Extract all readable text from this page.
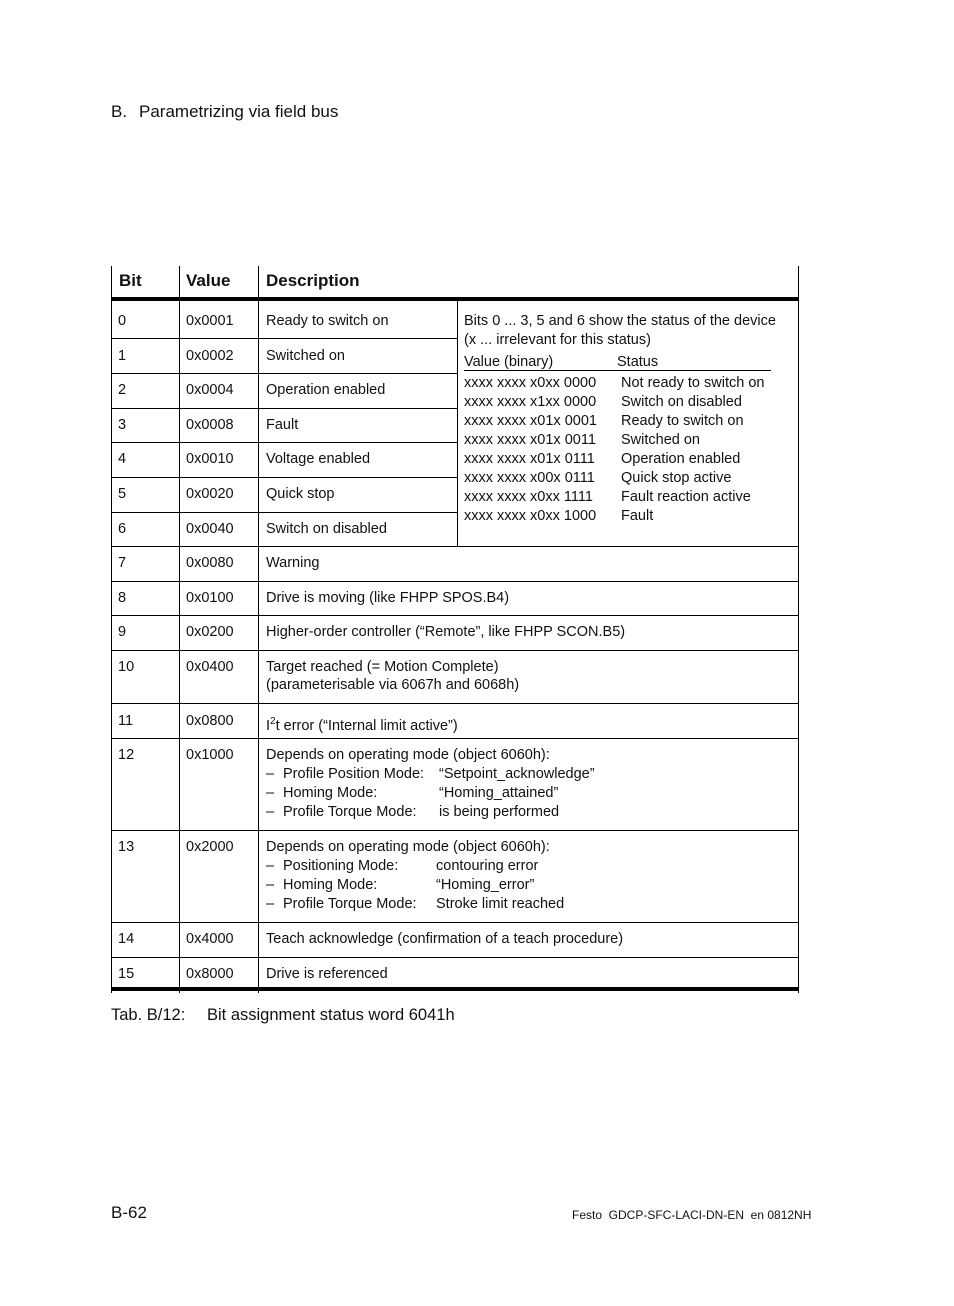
B. Parametrizing via field bus
Bit	Value Description
0	0x0001 Ready to switch on
1	0x0002 Switched on
2	0x0004 Operation enabled
3	0x0008 Fault
4	0x0010 Voltage enabled
5	0x0020 Quick stop
6	0x0040 Switch on disabled
Bits 0 ... 3, 5 and 6 show the status of the device
(x ... irrelevant for this status)
Value (binary)	Status
xxxx xxxx x0xx 0000 Not ready to switch on
xxxx xxxx x1xx 0000 Switch on disabled
xxxx xxxx x01x 0001 Ready to switch on
xxxx xxxx x01x 0011 Switched on
xxxx xxxx x01x 0111 Operation enabled
xxxx xxxx x00x 0111 Quick stop active
xxxx xxxx x0xx 1111 Fault reaction active
xxxx xxxx x0xx 1000 Fault
7	0x0080 Warning
8	0x0100 Drive is moving (like FHPP SPOS.B4)
9	0x0200 Higher-order controller (“Remote”, like FHPP SCON.B5)
10	0x0400 Target reached (= Motion Complete)
(parameterisable via 6067h and 6068h)
11	0x0800 $I^2t$ error (“Internal limit active”)
12	0x1000 Depends on operating mode (object 6060h):
– Profile Position Mode: “Setpoint_acknowledge”
– Homing Mode:	“Homing_attained”
– Profile Torque Mode: is being performed
13	0x2000 Depends on operating mode (object 6060h):
– Positioning Mode:	contouring error
– Homing Mode:	“Homing_error”
– Profile Torque Mode: Stroke limit reached
14	0x4000 Teach acknowledge (confirmation of a teach procedure)
15	0x8000 Drive is referenced
Tab. B/12: Bit assignment status word 6041h
B-62	Festo  GDCP-SFC-LACI-DN-EN  en 0812NH
